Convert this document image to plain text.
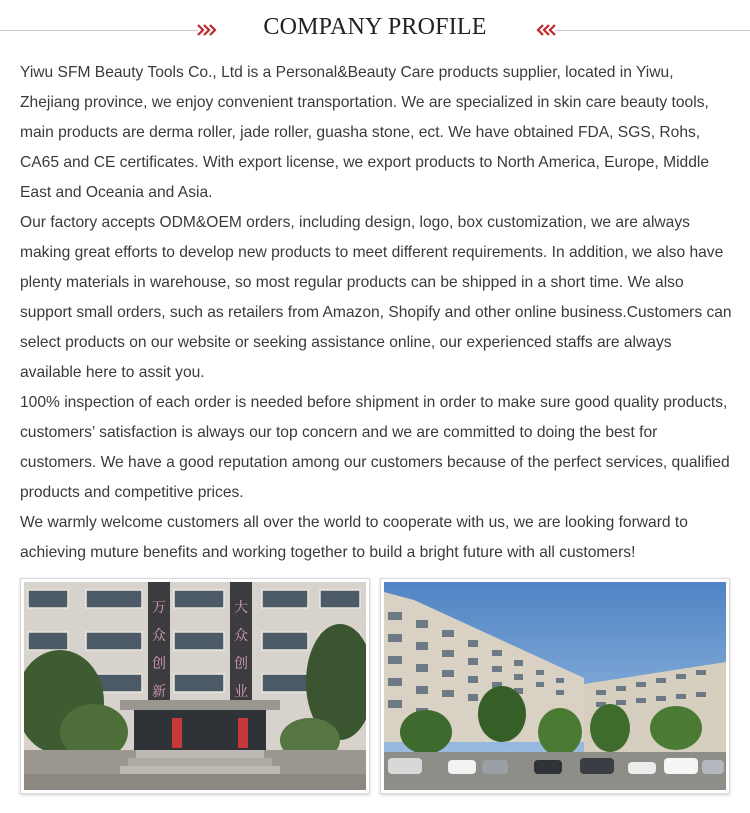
COMPANY PROFILE

Yiwu SFM Beauty Tools Co., Ltd is a Personal&Beauty Care products supplier, located in Yiwu, Zhejiang province, we enjoy convenient transportation. We are specialized in skin care beauty tools, main products are derma roller, jade roller, guasha stone, ect. We have obtained FDA, SGS, Rohs, CA65 and CE certificates. With export license, we export products to North America, Europe, Middle East and Oceania and Asia.

Our factory accepts ODM&OEM orders, including design, logo, box customization, we are always making great efforts to develop new products to meet different requirements. In addition, we also have plenty materials in warehouse, so most regular products can be shipped in a short time. We also support small orders, such as retailers from Amazon, Shopify and other online business.Customers can select products on our website or seeking assistance online, our experienced staffs are always available here to assit you.

100% inspection of each order is needed before shipment in order to make sure good quality products, customers’ satisfaction is always our top concern and we are committed to doing the best for customers. We have a good reputation among our customers because of the perfect services, qualified products and competitive prices.

We warmly welcome customers all over the world to cooperate with us, we are looking forward to achieving muture benefits and working together to build a bright future with all customers!

万
众
创
新
大
众
创
业
